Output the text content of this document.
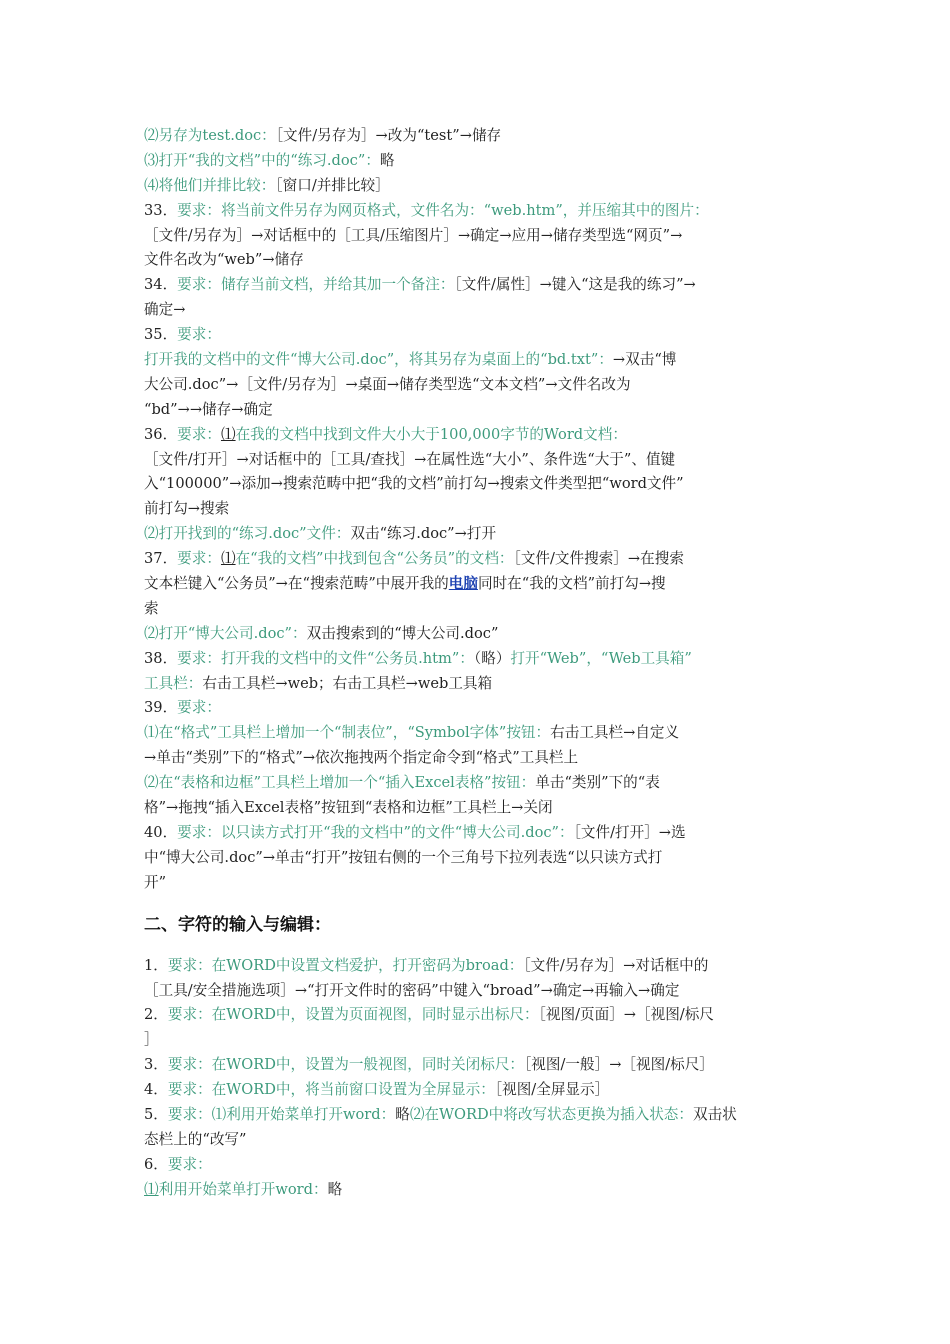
⑵另存为test.doc：［文件/另存为］→改为“test”→储存
⑶打开“我的文档”中的“练习.doc”：略
⑷将他们并排比较：［窗口/并排比较］
33．要求：将当前文件另存为网页格式，文件名为：“web.htm”，并压缩其中的图片：
［文件/另存为］→对话框中的［工具/压缩图片］→确定→应用→储存类型选“网页”→
文件名改为“web”→储存
34．要求：储存当前文档，并给其加一个备注：［文件/属性］→键入“这是我的练习”→
确定→
35．要求：
打开我的文档中的文件“博大公司.doc”，将其另存为桌面上的“bd.txt”：→双击“博
大公司.doc”→［文件/另存为］→桌面→储存类型选“文本文档”→文件名改为
“bd”→→储存→确定
36．要求：⑴在我的文档中找到文件大小大于100,000字节的Word文档：
［文件/打开］→对话框中的［工具/查找］→在属性选“大小”、条件选“大于”、值键
入“100000”→添加→搜索范畴中把“我的文档”前打勾→搜索文件类型把“word文件”
前打勾→搜索
⑵打开找到的“练习.doc”文件：双击“练习.doc”→打开
37．要求：⑴在“我的文档”中找到包含“公务员”的文档：［文件/文件搜索］→在搜索
文本栏键入“公务员”→在“搜索范畴”中展开我的电脑同时在“我的文档”前打勾→搜
索
⑵打开“博大公司.doc”：双击搜索到的“博大公司.doc”
38．要求：打开我的文档中的文件“公务员.htm”：（略）打开“Web”，“Web工具箱”
工具栏：右击工具栏→web；右击工具栏→web工具箱
39．要求：
⑴在“格式”工具栏上增加一个“制表位”，“Symbol字体”按钮：右击工具栏→自定义
→单击“类别”下的“格式”→依次拖拽两个指定命令到“格式”工具栏上
⑵在“表格和边框”工具栏上增加一个“插入Excel表格”按钮：单击“类别”下的“表
格”→拖拽“插入Excel表格”按钮到“表格和边框”工具栏上→关闭
40．要求：以只读方式打开“我的文档中”的文件“博大公司.doc”：［文件/打开］→选
中“博大公司.doc”→单击“打开”按钮右侧的一个三角号下拉列表选“以只读方式打
开”
二、字符的输入与编辑：
1．要求：在WORD中设置文档爱护，打开密码为broad：［文件/另存为］→对话框中的
［工具/安全措施选项］→“打开文件时的密码”中键入“broad”→确定→再输入→确定
2．要求：在WORD中，设置为页面视图，同时显示出标尺：［视图/页面］→［视图/标尺
］
3．要求：在WORD中，设置为一般视图，同时关闭标尺：［视图/一般］→［视图/标尺］
4．要求：在WORD中，将当前窗口设置为全屏显示：［视图/全屏显示］
5．要求：⑴利用开始菜单打开word：略⑵在WORD中将改写状态更换为插入状态：双击状
态栏上的“改写”
6．要求：
⑴利用开始菜单打开word：略
